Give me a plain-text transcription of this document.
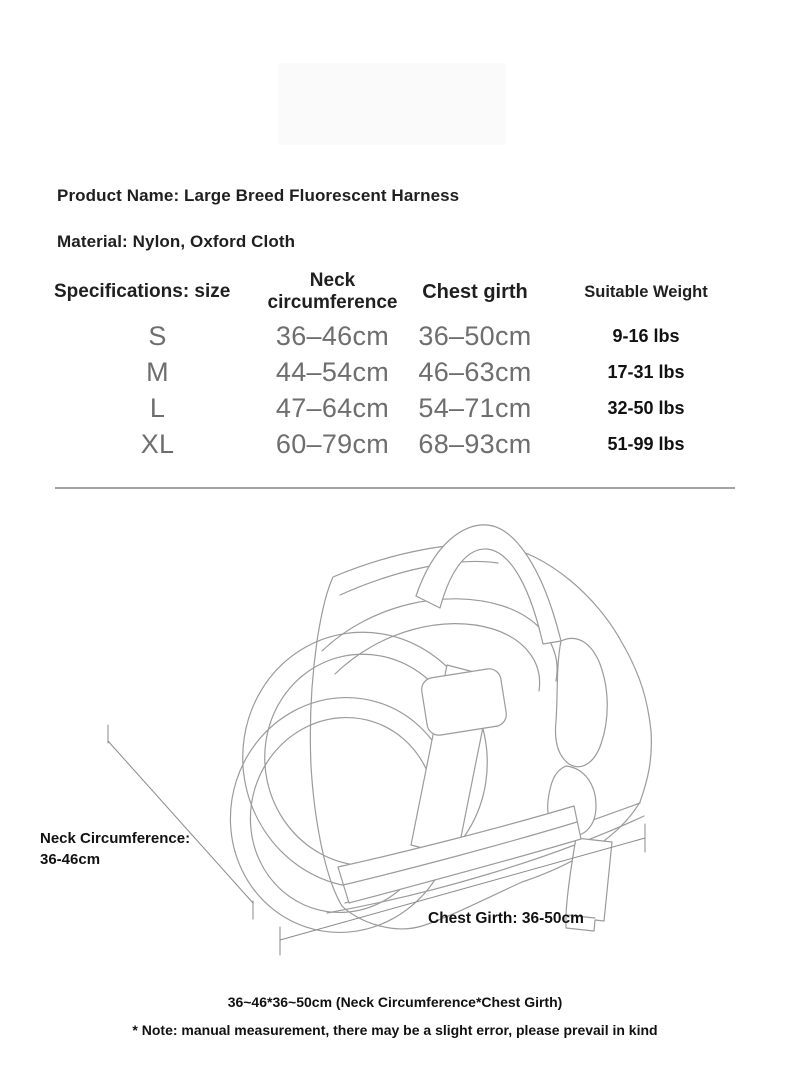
Product Name: Large Breed Fluorescent Harness
Material: Nylon, Oxford Cloth
Specifications: size
Neck circumference	Chest girth	Suitable Weight
S	36–46cm	36–50cm	9-16 lbs
M	44–54cm	46–63cm	17-31 lbs
L	47–64cm	54–71cm	32-50 lbs
XL	60–79cm	68–93cm	51-99 lbs
Neck Circumference:
36-46cm
Chest Girth: 36-50cm
36~46*36~50cm (Neck Circumference*Chest Girth)
* Note: manual measurement, there may be a slight error, please prevail in kind
